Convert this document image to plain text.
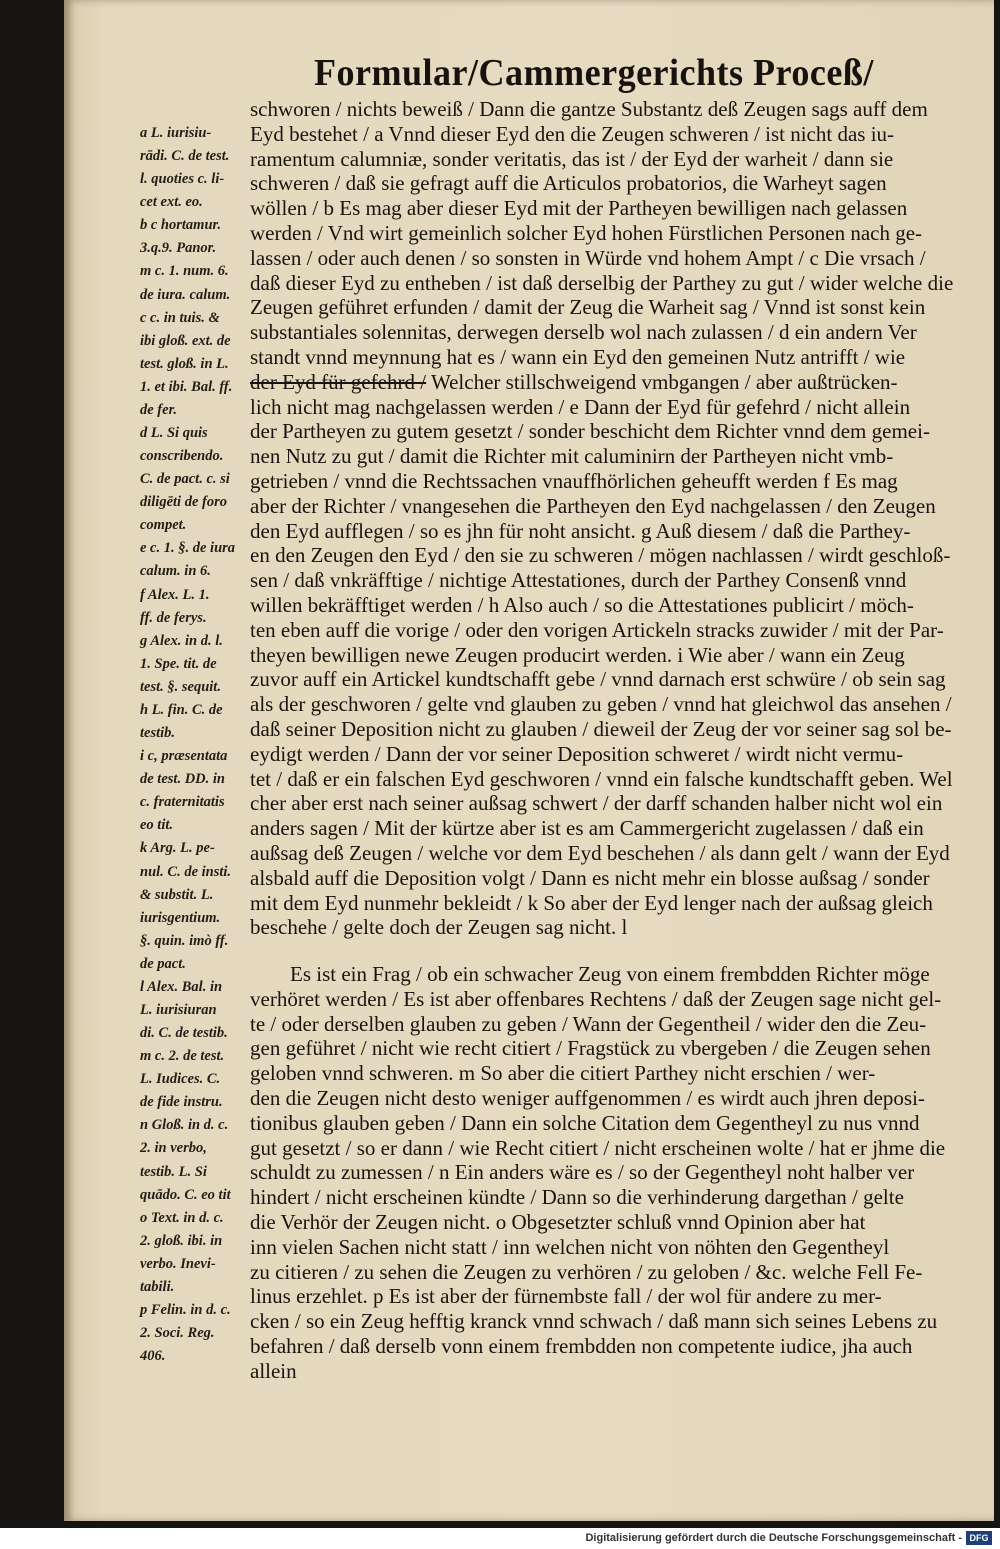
Formular/Cammergerichts Proceß/
a L. iurisiu-
rādi. C. de test.
l. quoties c. li-
cet ext. eo.
b c hortamur.
3.q.9. Panor.
m c. 1. num. 6.
de iura. calum.
c c. in tuis. &
ibi gloß. ext. de
test. gloß. in L.
1. et ibi. Bal. ff.
de fer.
d L. Si quis
conscribendo.
C. de pact. c. si
diligēti de foro
compet.
e c. 1. §. de iura
calum. in 6.
f Alex. L. 1.
ff. de ferys.
g Alex. in d. l.
1. Spe. tit. de
test. §. sequit.
h L. fin. C. de
testib.
i c, præsentata
de test. DD. in
c. fraternitatis
eo tit.
k Arg. L. pe-
nul. C. de insti.
& substit. L.
iurisgentium.
§. quin. imò ff.
de pact.
l Alex. Bal. in
L. iurisiuran
di. C. de testib.
m c. 2. de test.
L. Iudices. C.
de fide instru.
n Gloß. in d. c.
2. in verbo,
testib. L. Si
quādo. C. eo tit
o Text. in d. c.
2. gloß. ibi. in
verbo. Inevi-
tabili.
p Felin. in d. c.
2. Soci. Reg.
406.
schworen / nichts beweiß / Dann die gantze Substantz deß Zeugen sags auff dem
Eyd bestehet / a Vnnd dieser Eyd den die Zeugen schweren / ist nicht das iu-
ramentum calumniæ, sonder veritatis, das ist / der Eyd der warheit / dann sie
schweren / daß sie gefragt auff die Articulos probatorios, die Warheyt sagen
wöllen / b Es mag aber dieser Eyd mit der Partheyen bewilligen nach gelassen
werden / Vnd wirt gemeinlich solcher Eyd hohen Fürstlichen Personen nach ge-
lassen / oder auch denen / so sonsten in Würde vnd hohem Ampt / c Die vrsach /
daß dieser Eyd zu entheben / ist daß derselbig der Parthey zu gut / wider welche die
Zeugen geführet erfunden / damit der Zeug die Warheit sag / Vnnd ist sonst kein
substantiales solennitas, derwegen derselb wol nach zulassen / d ein andern Ver
standt vnnd meynnung hat es / wann ein Eyd den gemeinen Nutz antrifft / wie
der Eyd für gefehrd / Welcher stillschweigend vmbgangen / aber außtrücken-
lich nicht mag nachgelassen werden / e Dann der Eyd für gefehrd / nicht allein
der Partheyen zu gutem gesetzt / sonder beschicht dem Richter vnnd dem gemei-
nen Nutz zu gut / damit die Richter mit caluminirn der Partheyen nicht vmb-
getrieben / vnnd die Rechtssachen vnauffhörlichen geheufft werden f Es mag
aber der Richter / vnangesehen die Partheyen den Eyd nachgelassen / den Zeugen
den Eyd aufflegen / so es jhn für noht ansicht. g Auß diesem / daß die Parthey-
en den Zeugen den Eyd / den sie zu schweren / mögen nachlassen / wirdt geschloß-
sen / daß vnkräfftige / nichtige Attestationes, durch der Parthey Consenß vnnd
willen bekräfftiget werden / h Also auch / so die Attestationes publicirt / möch-
ten eben auff die vorige / oder den vorigen Artickeln stracks zuwider / mit der Par-
theyen bewilligen newe Zeugen producirt werden. i Wie aber / wann ein Zeug
zuvor auff ein Artickel kundtschafft gebe / vnnd darnach erst schwüre / ob sein sag
als der geschworen / gelte vnd glauben zu geben / vnnd hat gleichwol das ansehen /
daß seiner Deposition nicht zu glauben / dieweil der Zeug der vor seiner sag sol be-
eydigt werden / Dann der vor seiner Deposition schweret / wirdt nicht vermu-
tet / daß er ein falschen Eyd geschworen / vnnd ein falsche kundtschafft geben. Wel
cher aber erst nach seiner außsag schwert / der darff schanden halber nicht wol ein
anders sagen / Mit der kürtze aber ist es am Cammergericht zugelassen / daß ein
außsag deß Zeugen / welche vor dem Eyd beschehen / als dann gelt / wann der Eyd
alsbald auff die Deposition volgt / Dann es nicht mehr ein blosse außsag / sonder
mit dem Eyd nunmehr bekleidt / k So aber der Eyd lenger nach der außsag gleich
beschehe / gelte doch der Zeugen sag nicht. l
Es ist ein Frag / ob ein schwacher Zeug von einem frembdden Richter möge
verhöret werden / Es ist aber offenbares Rechtens / daß der Zeugen sage nicht gel-
te / oder derselben glauben zu geben / Wann der Gegentheil / wider den die Zeu-
gen geführet / nicht wie recht citiert / Fragstück zu vbergeben / die Zeugen sehen
geloben vnnd schweren. m So aber die citiert Parthey nicht erschien / wer-
den die Zeugen nicht desto weniger auffgenommen / es wirdt auch jhren deposi-
tionibus glauben geben / Dann ein solche Citation dem Gegentheyl zu nus vnnd
gut gesetzt / so er dann / wie Recht citiert / nicht erscheinen wolte / hat er jhme die
schuldt zu zumessen / n Ein anders wäre es / so der Gegentheyl noht halber ver
hindert / nicht erscheinen kündte / Dann so die verhinderung dargethan / gelte
die Verhör der Zeugen nicht. o Obgesetzter schluß vnnd Opinion aber hat
inn vielen Sachen nicht statt / inn welchen nicht von nöhten den Gegentheyl
zu citieren / zu sehen die Zeugen zu verhören / zu geloben / &c. welche Fell Fe-
linus erzehlet. p Es ist aber der fürnembste fall / der wol für andere zu mer-
cken / so ein Zeug hefftig kranck vnnd schwach / daß mann sich seines Lebens zu
befahren / daß derselb vonn einem frembdden non competente iudice, jha auch
allein
Digitalisierung gefördert durch die Deutsche Forschungsgemeinschaft - DFG
